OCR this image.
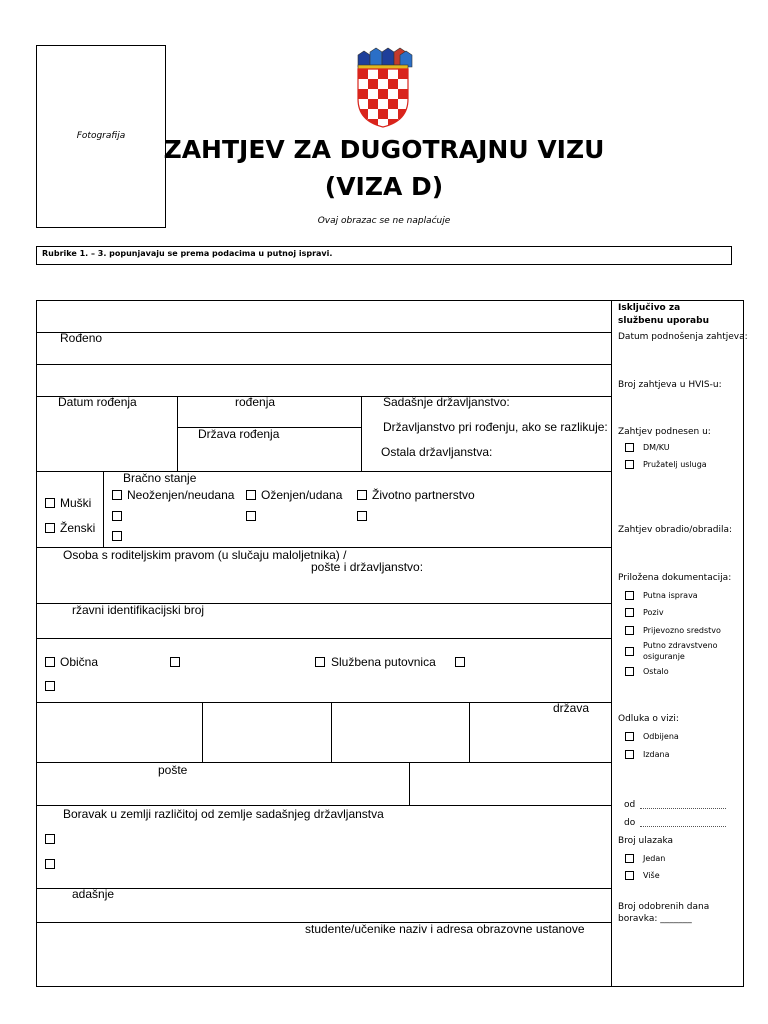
Fotografija	ZAHTJEV ZA DUGOTRAJNU VIZU
(VIZA D)
Ovaj obrazac se ne naplaćuje
Rubrike 1. – 3. popunjavaju se prema podacima u putnoj ispravi.
Rođeno
Datum rođenja	rođenja
Država rođenja
Sadašnje državljanstvo:
Državljanstvo pri rođenju, ako se razlikuje:
Ostala državljanstva:
Muški
Ženski
Bračno stanje
Neoženjen/neudana Oženjen/udana Životno partnerstvo
Osoba s roditeljskim pravom (u slučaju maloljetnika) /
pošte i državljanstvo:
ržavni identifikacijski broj
Obična	Službena putovnica
država
pošte
Boravak u zemlji različitoj od zemlje sadašnjeg državljanstva
adašnje
studente/učenike naziv i adresa obrazovne ustanove
Isključivo za
službenu uporabu
Datum podnošenja zahtjeva:
Broj zahtjeva u HVIS-u:
Zahtjev podnesen u:
DM/KU
Pružatelj usluga
Zahtjev obradio/obradila:
Priložena dokumentacija:
Putna isprava
Poziv
Prijevozno sredstvo
Putno zdravstveno
osiguranje
Ostalo
Odluka o vizi:
Odbijena
Izdana
od
do
Broj ulazaka
Jedan
Više
Broj odobrenih dana
boravka: _______
